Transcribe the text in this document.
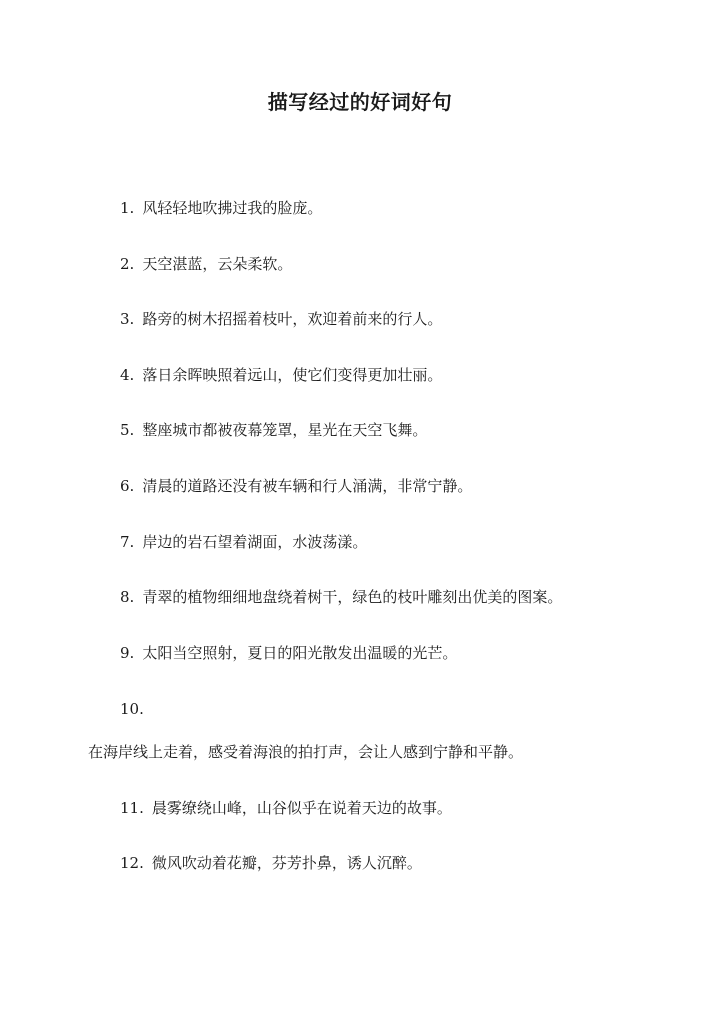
描写经过的好词好句
1. 风轻轻地吹拂过我的脸庞。
2. 天空湛蓝，云朵柔软。
3. 路旁的树木招摇着枝叶，欢迎着前来的行人。
4. 落日余晖映照着远山，使它们变得更加壮丽。
5. 整座城市都被夜幕笼罩，星光在天空飞舞。
6. 清晨的道路还没有被车辆和行人涌满，非常宁静。
7. 岸边的岩石望着湖面，水波荡漾。
8. 青翠的植物细细地盘绕着树干，绿色的枝叶雕刻出优美的图案。
9. 太阳当空照射，夏日的阳光散发出温暖的光芒。
10.
在海岸线上走着，感受着海浪的拍打声，会让人感到宁静和平静。
11. 晨雾缭绕山峰，山谷似乎在说着天边的故事。
12. 微风吹动着花瓣，芬芳扑鼻，诱人沉醉。
